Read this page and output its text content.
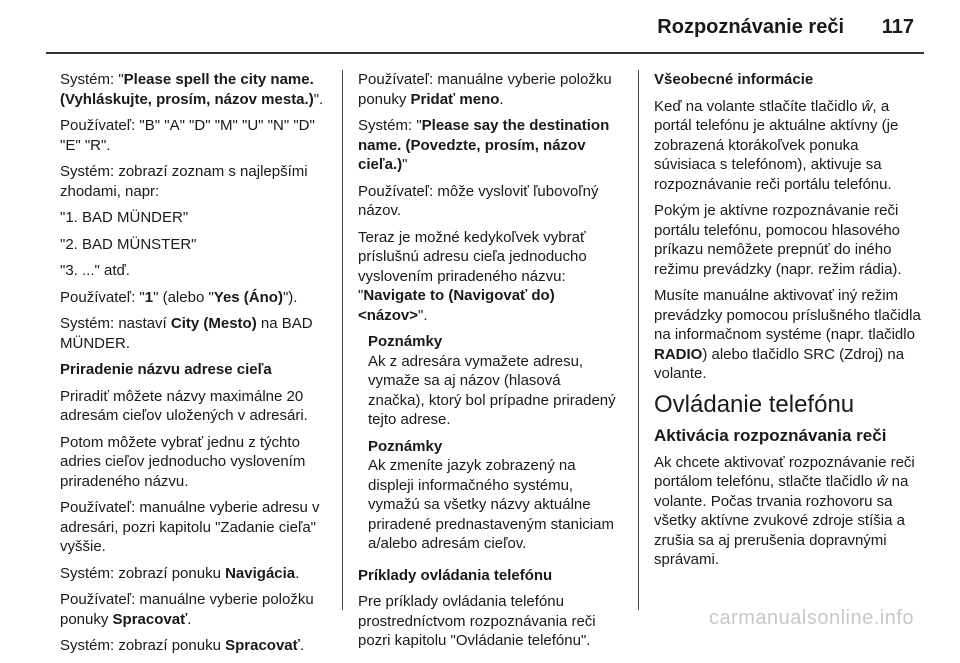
Rozpoznávanie reči 117

Systém: "Please spell the city name. (Vyhláskujte, prosím, názov mesta.)".

Používateľ: "B" "A" "D" "M" "U" "N" "D" "E" "R".

Systém: zobrazí zoznam s najlepšími zhodami, napr:

"1. BAD MÜNDER"

"2. BAD MÜNSTER"

"3. ..." atď.

Používateľ: "1" (alebo "Yes (Áno)").

Systém: nastaví City (Mesto) na BAD MÜNDER.

Priradenie názvu adrese cieľa

Priradiť môžete názvy maximálne 20 adresám cieľov uložených v adresári.

Potom môžete vybrať jednu z týchto adries cieľov jednoducho vyslovením priradeného názvu.

Používateľ: manuálne vyberie adresu v adresári, pozri kapitolu "Zadanie cieľa" vyššie.

Systém: zobrazí ponuku Navigácia.

Používateľ: manuálne vyberie položku ponuky Spracovať.

Systém: zobrazí ponuku Spracovať.

Používateľ: manuálne vyberie položku ponuky Pridať meno.

Systém: "Please say the destination name. (Povedzte, prosím, názov cieľa.)"

Používateľ: môže vysloviť ľubovoľný názov.

Teraz je možné kedykoľvek vybrať príslušnú adresu cieľa jednoducho vyslovením priradeného názvu: "Navigate to (Navigovať do) <názov>".

Poznámky

Ak z adresára vymažete adresu, vymaže sa aj názov (hlasová značka), ktorý bol prípadne priradený tejto adrese.

Poznámky

Ak zmeníte jazyk zobrazený na displeji informačného systému, vymažú sa všetky názvy aktuálne priradené prednastaveným staniciam a/alebo adresám cieľov.

Príklady ovládania telefónu

Pre príklady ovládania telefónu prostredníctvom rozpoznávania reči pozri kapitolu "Ovládanie telefónu".

Všeobecné informácie

Keď na volante stlačíte tlačidlo ŵ, a portál telefónu je aktuálne aktívny (je zobrazená ktorákoľvek ponuka súvisiaca s telefónom), aktivuje sa rozpoznávanie reči portálu telefónu.

Pokým je aktívne rozpoznávanie reči portálu telefónu, pomocou hlasového príkazu nemôžete prepnúť do iného režimu prevádzky (napr. režim rádia).

Musíte manuálne aktivovať iný režim prevádzky pomocou príslušného tlačidla na informačnom systéme (napr. tlačidlo RADIO) alebo tlačidlo SRC (Zdroj) na volante.

Ovládanie telefónu

Aktivácia rozpoznávania reči

Ak chcete aktivovať rozpoznávanie reči portálom telefónu, stlačte tlačidlo ŵ na volante. Počas trvania rozhovoru sa všetky aktívne zvukové zdroje stíšia a zrušia sa aj prerušenia dopravnými správami.

carmanualsonline.info
